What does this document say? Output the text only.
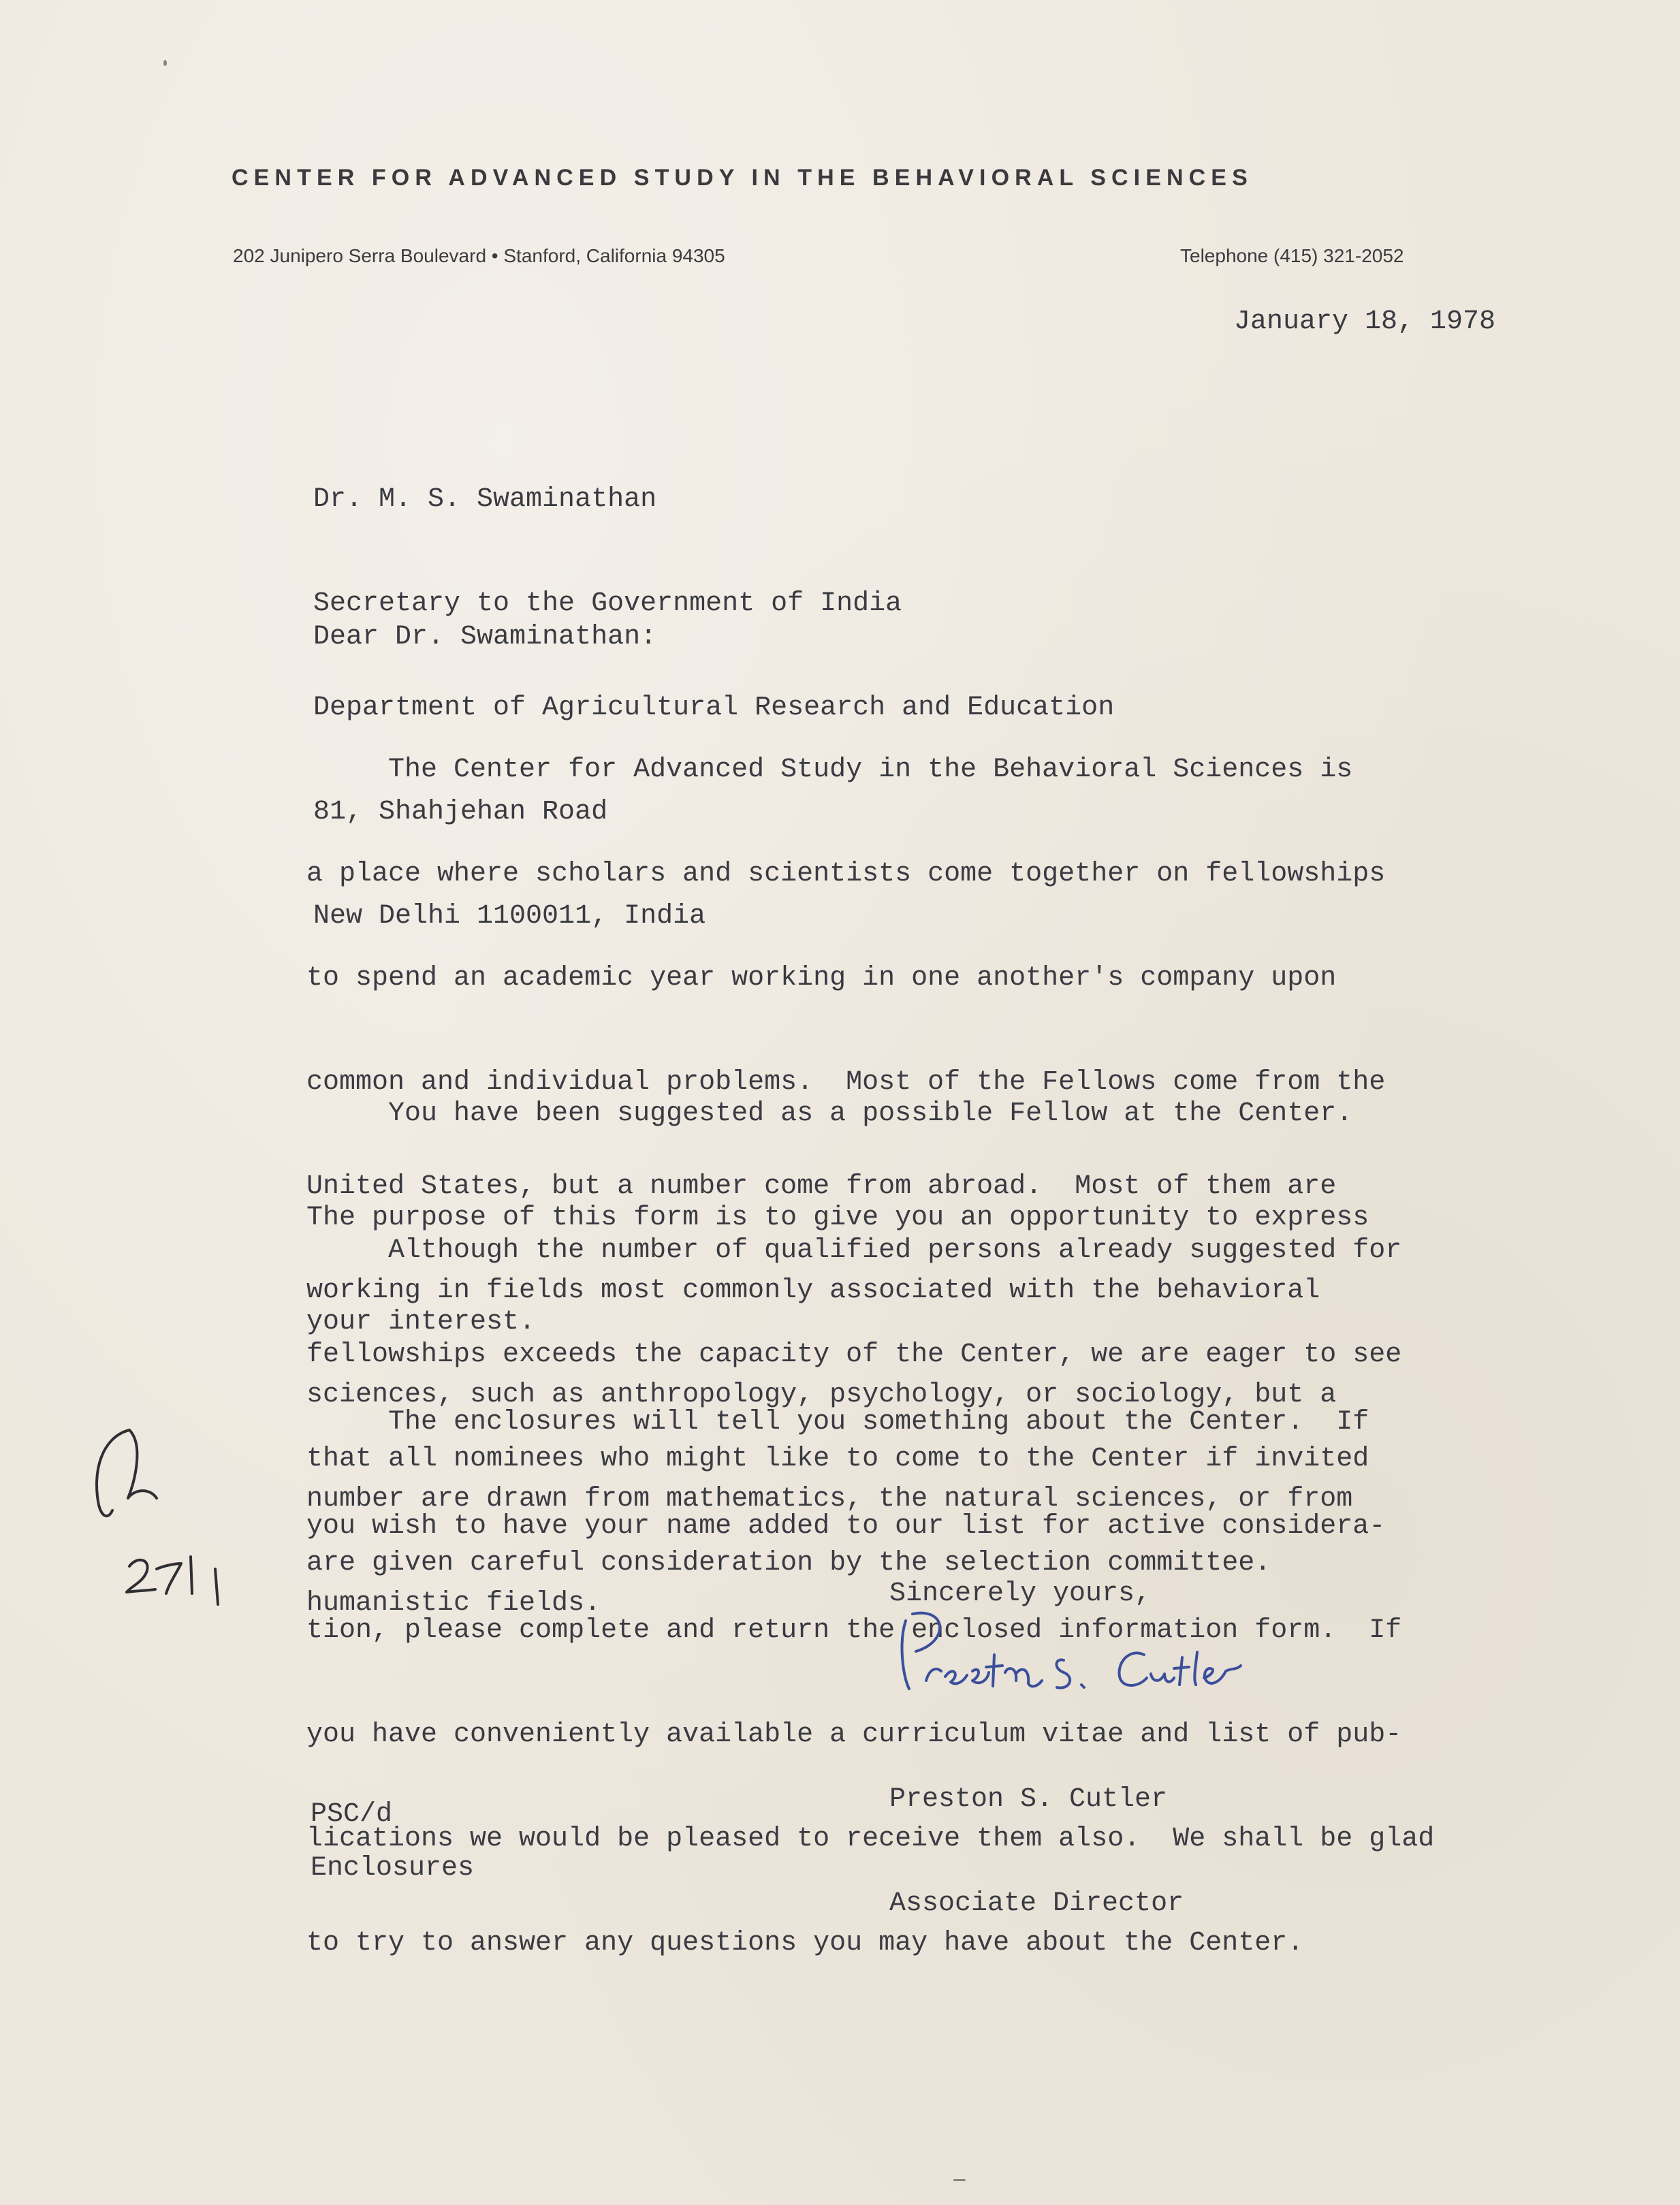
CENTER FOR ADVANCED STUDY IN THE BEHAVIORAL SCIENCES
202 Junipero Serra Boulevard • Stanford, California 94305	Telephone (415) 321-2052
January 18, 1978

Dr. M. S. Swaminathan

Secretary to the Government of India

Department of Agricultural Research and Education

81, Shahjehan Road

New Delhi 1100011, India

Dear Dr. Swaminathan:

The Center for Advanced Study in the Behavioral Sciences is

a place where scholars and scientists come together on fellowships

to spend an academic year working in one another's company upon

common and individual problems.  Most of the Fellows come from the

United States, but a number come from abroad.  Most of them are

working in fields most commonly associated with the behavioral

sciences, such as anthropology, psychology, or sociology, but a

number are drawn from mathematics, the natural sciences, or from

humanistic fields.

You have been suggested as a possible Fellow at the Center.

The purpose of this form is to give you an opportunity to express

your interest.

Although the number of qualified persons already suggested for

fellowships exceeds the capacity of the Center, we are eager to see

that all nominees who might like to come to the Center if invited

are given careful consideration by the selection committee.

The enclosures will tell you something about the Center.  If

you wish to have your name added to our list for active considera-

tion, please complete and return the enclosed information form.  If

you have conveniently available a curriculum vitae and list of pub-

lications we would be pleased to receive them also.  We shall be glad

to try to answer any questions you may have about the Center.

Sincerely yours,

Preston S. Cutler

Associate Director

PSC/d
Enclosures
